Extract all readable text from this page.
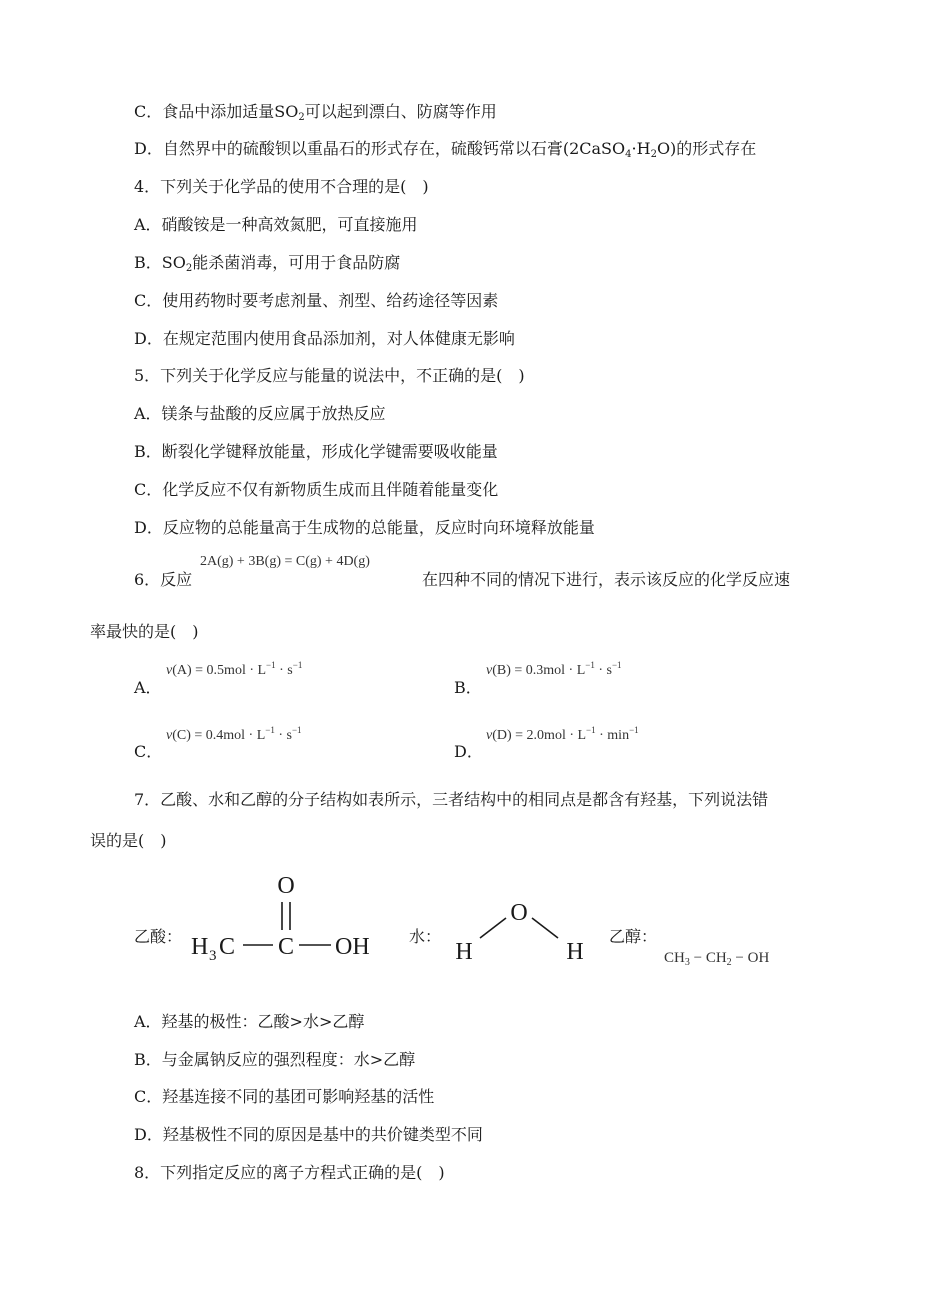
C．食品中添加适量$SO_2$可以起到漂白、防腐等作用
D．自然界中的硫酸钡以重晶石的形式存在，硫酸钙常以石膏$(2CaSO_4\cdot H_2O)$的形式存在
4．下列关于化学品的使用不合理的是(　)
A．硝酸铵是一种高效氮肥，可直接施用
B．$SO_2$能杀菌消毒，可用于食品防腐
C．使用药物时要考虑剂量、剂型、给药途径等因素
D．在规定范围内使用食品添加剂，对人体健康无影响
5．下列关于化学反应与能量的说法中，不正确的是(　)
A．镁条与盐酸的反应属于放热反应
B．断裂化学键释放能量，形成化学键需要吸收能量
C．化学反应不仅有新物质生成而且伴随着能量变化
D．反应物的总能量高于生成物的总能量，反应时向环境释放能量
6．反应
2A(g) + 3B(g) = C(g) + 4D(g)
在四种不同的情况下进行，表示该反应的化学反应速
率最快的是(　)
A．
$v(A) = 0.5mol \cdot L^{-1} \cdot s^{-1}$
B．
$v(B) = 0.3mol \cdot L^{-1} \cdot s^{-1}$
C．
$v(C) = 0.4mol \cdot L^{-1} \cdot s^{-1}$
D．
$v(D) = 2.0mol \cdot L^{-1} \cdot \min^{-1}$
7．乙酸、水和乙醇的分子结构如表所示，三者结构中的相同点是都含有羟基，下列说法错
误的是(　)
乙酸：
O
H 3 C C OH 水：
O
H	H
乙醇：
$CH_3 - CH_2$ − OH
A．羟基的极性：乙酸>水>乙醇
B．与金属钠反应的强烈程度：水>乙醇
C．羟基连接不同的基团可影响羟基的活性
D．羟基极性不同的原因是基中的共价键类型不同
8．下列指定反应的离子方程式正确的是(　)
